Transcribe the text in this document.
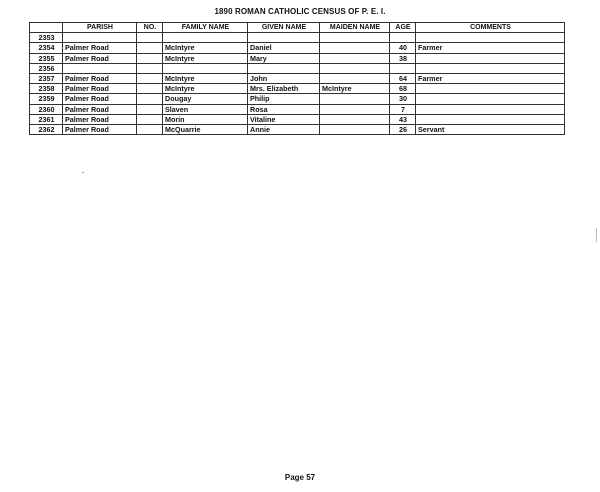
1890 ROMAN CATHOLIC CENSUS OF P. E. I.
	PARISH	NO.	FAMILY NAME	GIVEN NAME	MAIDEN NAME	AGE	COMMENTS
2353							
2354	Palmer Road		McIntyre	Daniel		40	Farmer
2355	Palmer Road		McIntyre	Mary		38	
2356							
2357	Palmer Road		McIntyre	John		64	Farmer
2358	Palmer Road		McIntyre	Mrs. Elizabeth	McIntyre	68	
2359	Palmer Road		Dougay	Philip		30	
2360	Palmer Road		Slaven	Rosa		7	
2361	Palmer Road		Morin	Vitaline		43	
2362	Palmer Road		McQuarrie	Annie		26	Servant
Page 57
